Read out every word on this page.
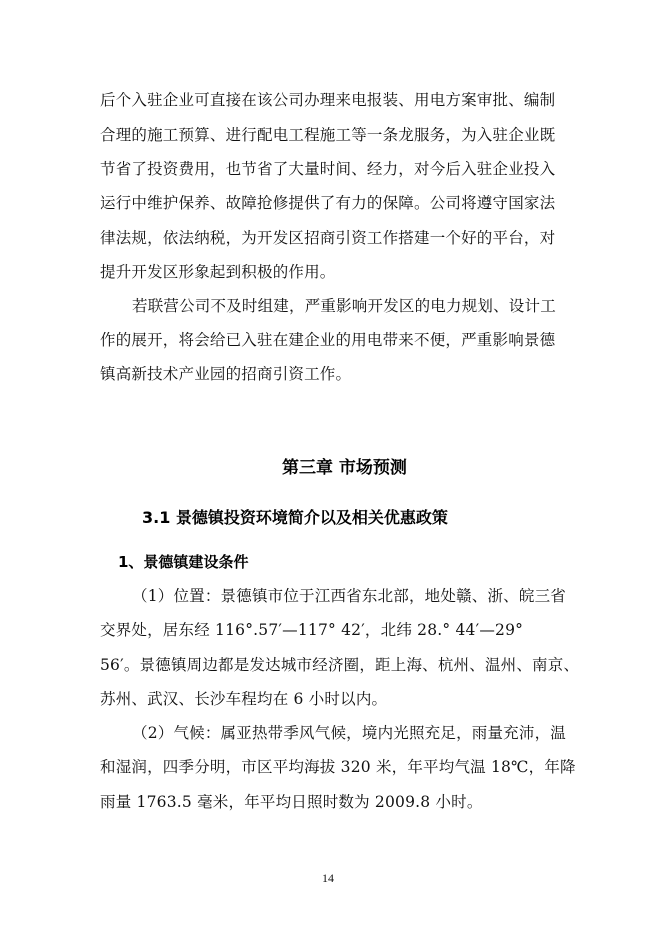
后个入驻企业可直接在该公司办理来电报装、用电方案审批、编制
合理的施工预算、进行配电工程施工等一条龙服务，为入驻企业既
节省了投资费用，也节省了大量时间、经力，对今后入驻企业投入
运行中维护保养、故障抢修提供了有力的保障。公司将遵守国家法
律法规，依法纳税，为开发区招商引资工作搭建一个好的平台，对
提升开发区形象起到积极的作用。
若联营公司不及时组建，严重影响开发区的电力规划、设计工
作的展开，将会给已入驻在建企业的用电带来不便，严重影响景德
镇高新技术产业园的招商引资工作。
第三章 市场预测
3.1 景德镇投资环境简介以及相关优惠政策
1、景德镇建设条件
（1）位置：景德镇市位于江西省东北部，地处赣、浙、皖三省
交界处，居东经 116°.57′—117° 42′，北纬 28.° 44′—29°
56′。景德镇周边都是发达城市经济圈，距上海、杭州、温州、南京、
苏州、武汉、长沙车程均在 6 小时以内。
（2）气候：属亚热带季风气候，境内光照充足，雨量充沛，温
和湿润，四季分明，市区平均海拔 320 米，年平均气温 18℃，年降
雨量 1763.5 毫米，年平均日照时数为 2009.8 小时。
14
